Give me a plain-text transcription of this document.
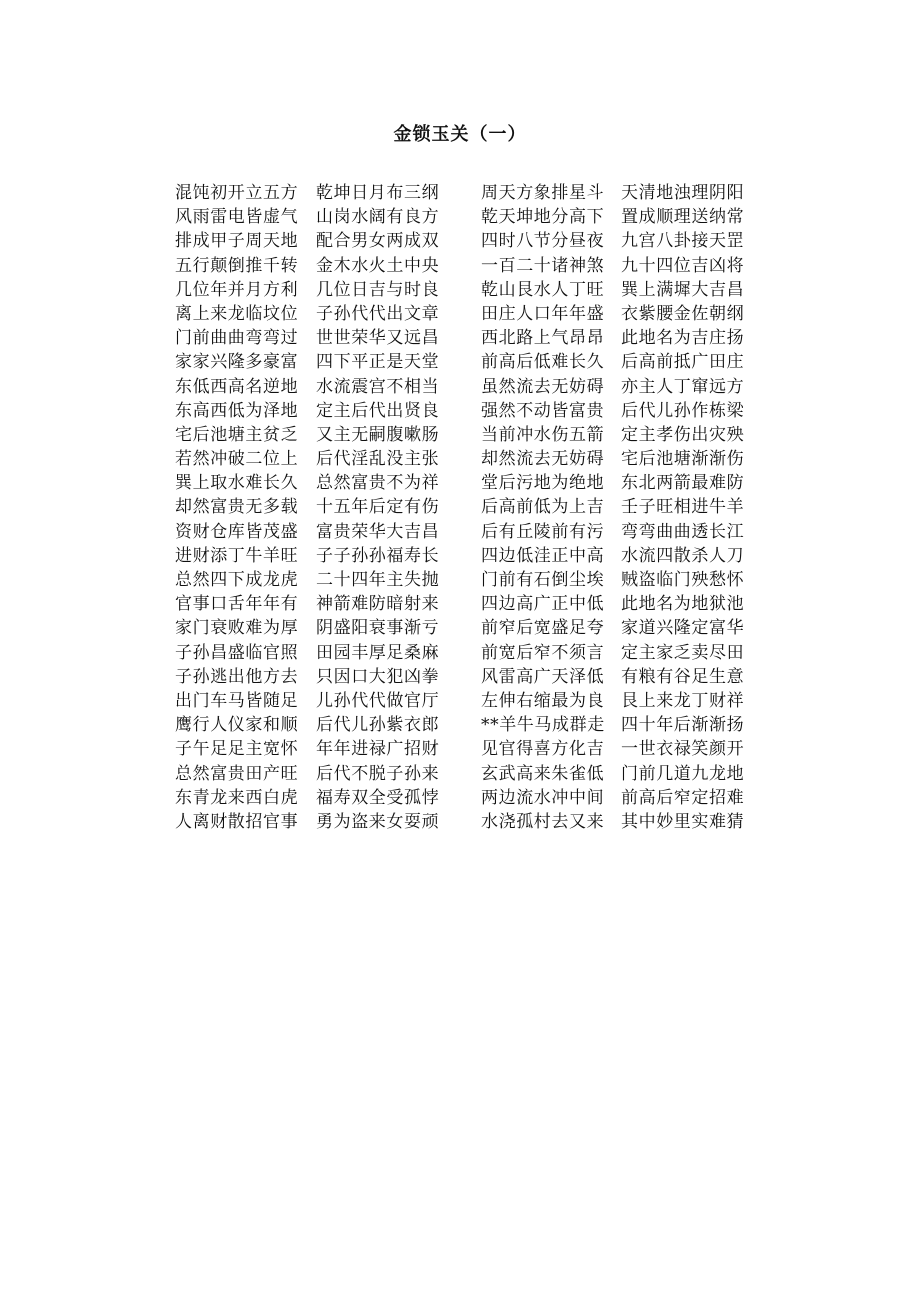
金锁玉关（一）
混饨初开立五方 乾坤日月布三纲 周天方象排星斗 天清地浊理阴阳
风雨雷电皆虚气 山岗水阔有良方 乾天坤地分高下 置成顺理送纳常
排成甲子周天地 配合男女两成双 四时八节分昼夜 九宫八卦接天罡
五行颠倒推千转 金木水火土中央 一百二十诸神煞 九十四位吉凶将
几位年并月方利 几位日吉与时良 乾山艮水人丁旺 巽上满墀大吉昌
离上来龙临坟位 子孙代代出文章 田庄人口年年盛 衣紫腰金佐朝纲
门前曲曲弯弯过 世世荣华又远昌 西北路上气昂昂 此地名为吉庄扬
家家兴隆多豪富 四下平正是天堂 前高后低难长久 后高前抵广田庄
东低西高名逆地 水流震宫不相当 虽然流去无妨碍 亦主人丁窜远方
东高西低为泽地 定主后代出贤良 强然不动皆富贵 后代儿孙作栋梁
宅后池塘主贫乏 又主无嗣腹嗽肠 当前冲水伤五箭 定主孝伤出灾殃
若然冲破二位上 后代淫乱没主张 却然流去无妨碍 宅后池塘渐渐伤
巽上取水难长久 总然富贵不为祥 堂后污地为绝地 东北两箭最难防
却然富贵无多载 十五年后定有伤 后高前低为上吉 壬子旺相进牛羊
资财仓库皆茂盛 富贵荣华大吉昌 后有丘陵前有污 弯弯曲曲透长江
进财添丁牛羊旺 子子孙孙福寿长 四边低洼正中高 水流四散杀人刀
总然四下成龙虎 二十四年主失抛 门前有石倒尘埃 贼盗临门殃愁怀
官事口舌年年有 神箭难防暗射来 四边高广正中低 此地名为地狱池
家门衰败难为厚 阴盛阳衰事渐亏 前窄后宽盛足夸 家道兴隆定富华
子孙昌盛临官照 田园丰厚足桑麻 前宽后窄不须言 定主家乏卖尽田
子孙逃出他方去 只因口大犯凶拳 风雷高广天泽低 有粮有谷足生意
出门车马皆随足 儿孙代代做官厅 左伸右缩最为良 艮上来龙丁财祥
鹰行人仪家和顺 后代儿孙紫衣郎 **羊牛马成群走 四十年后渐渐扬
子午足足主宽怀 年年进禄广招财 见官得喜方化吉 一世衣禄笑颜开
总然富贵田产旺 后代不脱子孙来 玄武高来朱雀低 门前几道九龙地
东青龙来西白虎 福寿双全受孤悖 两边流水冲中间 前高后窄定招难
人离财散招官事 勇为盗来女耍顽 水浇孤村去又来 其中妙里实难猜
